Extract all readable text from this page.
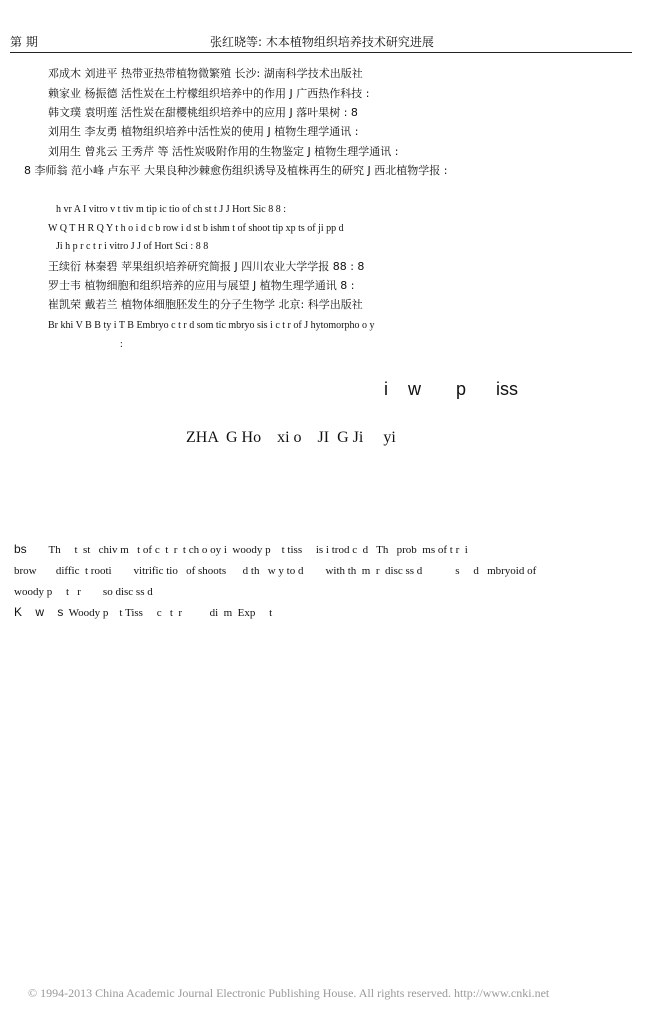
第 期	张红晓等: 木本植物组织培养技术研究进展
邓成木 刘进平 热带亚热带植物微繁殖 长沙: 湖南科学技术出版社
赖家业 杨振德 活性炭在土柠檬组织培养中的作用 J 广西热作科技 :
韩文璞 袁明莲 活性炭在甜樱桃组织培养中的应用 J 落叶果树 : 8
刘用生 李友勇 植物组织培养中活性炭的使用 J 植物生理学通讯 :
刘用生 曾兆云 王秀芹 等 活性炭吸附作用的生物鉴定 J 植物生理学通讯 :
8 李师翁 范小峰 卢东平 大果良种沙棘愈伤组织诱导及植株再生的研究 J 西北植物学报 :
h vr A I vitro v t tiv m tip ic tio of ch st t J J Hort Sic 8 8 :
W Q T H R Q Y t h o i d c b row i d st b ishm t of shoot tip xp ts of ji pp d
Ji h p r c t r i vitro J J of Hort Sci : 8 8
王续衍 林秦碧 苹果组织培养研究简报 J 四川农业大学学报 88 : 8
罗士韦 植物细胞和组织培养的应用与展望 J 植物生理学通讯 8 :
崔凯荣 戴若兰 植物体细胞胚发生的分子生物学 北京: 科学出版社
Br khi V B B ty i T B Embryo c t r d som tic mbryo sis i c t r of J hytomorpho o y
:
i    w       p      iss
ZHA  G Ho    xi o    JI  G Ji     yi
bs Th     t  st   chiv m   t of c  t  r  t ch o oy i  woody p    t tiss     is i trod c  d   Th   prob  ms of t r  i
brow       diffic  t rooti        vitrific tio   of shoots      d th   w y to d        with th  m  r  disc ss d            s     d   mbryoid of
woody p     t   r        so disc ss d
K    w    s Woody p    t Tiss     c   t  r          di  m  Exp     t
© 1994-2013 China Academic Journal Electronic Publishing House. All rights reserved. http://www.cnki.net
